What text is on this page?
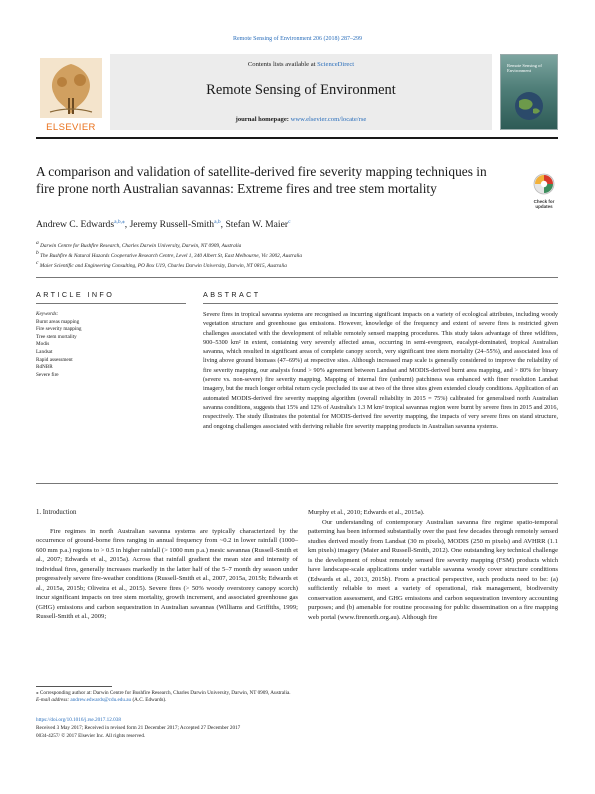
Remote Sensing of Environment 206 (2018) 287–299
ELSEVIER
Contents lists available at ScienceDirect
Remote Sensing of Environment
journal homepage: www.elsevier.com/locate/rse
Remote Sensing of Environment
A comparison and validation of satellite-derived fire severity mapping techniques in fire prone north Australian savannas: Extreme fires and tree stem mortality
Check for
updates
Andrew C. Edwards$^{a,b,⁎}$, Jeremy Russell-Smith$^{a,b}$, Stefan W. Maier$^c$
$^a$ Darwin Centre for Bushfire Research, Charles Darwin University, Darwin, NT 0909, Australia
$^b$ The Bushfire & Natural Hazards Cooperative Research Centre, Level 1, 340 Albert St, East Melbourne, Vic 3002, Australia
$^c$ Maier Scientific and Engineering Consulting, PO Box U19, Charles Darwin University, Darwin, NT 0815, Australia
ARTICLE INFO	ABSTRACT
Keywords:
Burnt areas mapping
Fire severity mapping
Tree stem mortality
Modis
Landsat
Rapid assessment
RdNBR
Severe fire
Severe fires in tropical savanna systems are recognised as incurring significant impacts on a variety of ecological attributes, including woody vegetation structure and greenhouse gas emissions. However, knowledge of the frequency and extent of severe fires is restricted given challenges associated with the development of reliable remotely sensed mapping procedures. This study takes advantage of three wildfires, 900–5300 km² in extent, containing very severely affected areas, occurring in semi-evergreen, eucalypt-dominated, tropical Australian savanna, which resulted in significant areas of complete canopy scorch, very significant tree stem mortality (24–55%), and associated loss of living above ground biomass (47–69%) at respective sites. Although increased map scale is generally considered to improve the reliability of fire severity mapping, our analysis found > 90% agreement between Landsat and MODIS-derived burnt area mapping, and > 80% for binary (severe vs. non-severe) fire severity mapping. Mapping of internal fire (unburnt) patchiness was enhanced with finer resolution Landsat imagery, but the much longer orbital return cycle precluded its use at two of the three sites given extended cloudy conditions. Application of an automated MODIS-derived fire severity mapping algorithm (overall reliability in 2015 = 75%) calibrated for generalised north Australian savanna conditions, suggests that 15% and 12% of Australia's 1.3 M km² tropical savannas region were burnt by severe fires in 2015 and 2016, respectively. The study illustrates the potential for MODIS-derived fire severity mapping, the impacts of very severe fires on stand structure, and ongoing challenges associated with deriving reliable fire severity mapping products in Australian savanna systems.
1. Introduction
Fire regimes in north Australian savanna systems are typically characterized by the occurrence of ground-borne fires ranging in annual frequency from ~0.2 in lower rainfall (1000–600 mm p.a.) regions to > 0.5 in higher rainfall (> 1000 mm p.a.) mesic savannas (Russell-Smith et al., 2007; Edwards et al., 2015a). Across that rainfall gradient the mean size and intensity of individual fires, generally increases markedly in the latter half of the 5–7 month dry season under progressively severe fire-weather conditions (Russell-Smith et al., 2007, 2015a, 2015b; Edwards et al., 2015a, 2015b; Oliveira et al., 2015). Severe fires (> 50% woody overstorey canopy scorch) incur significant impacts on tree stem mortality, growth increment, and associated greenhouse gas (GHG) emissions and carbon sequestration in Australian savannas (Williams and Griffiths, 1999; Russell-Smith et al., 2009;
Murphy et al., 2010; Edwards et al., 2015a).
Our understanding of contemporary Australian savanna fire regime spatio-temporal patterning has been informed substantially over the past few decades through remotely sensed studies derived mostly from Landsat (30 m pixels), MODIS (250 m pixels) and AVHRR (1.1 km pixels) imagery (Maier and Russell-Smith, 2012). One outstanding key technical challenge is the development of robust remotely sensed fire severity mapping (FSM) products which have landscape-scale applications under variable savanna woody cover structure conditions (Edwards et al., 2013, 2015b). From a practical perspective, such products need to be: (a) sufficiently reliable to meet a variety of operational, risk management, biodiversity conservation assessment, and GHG emissions and carbon sequestration inventory accounting purposes; and (b) amenable for routine processing for public dissemination on a fire mapping web portal (www.firenorth.org.au). Although fire
⁎ Corresponding author at: Darwin Centre for Bushfire Research, Charles Darwin University, Darwin, NT 0909, Australia.
E-mail address: andrew.edwards@cdu.edu.au (A.C. Edwards).
https://doi.org/10.1016/j.rse.2017.12.038
Received 3 May 2017; Received in revised form 21 December 2017; Accepted 27 December 2017
0034-4257/ © 2017 Elsevier Inc. All rights reserved.
